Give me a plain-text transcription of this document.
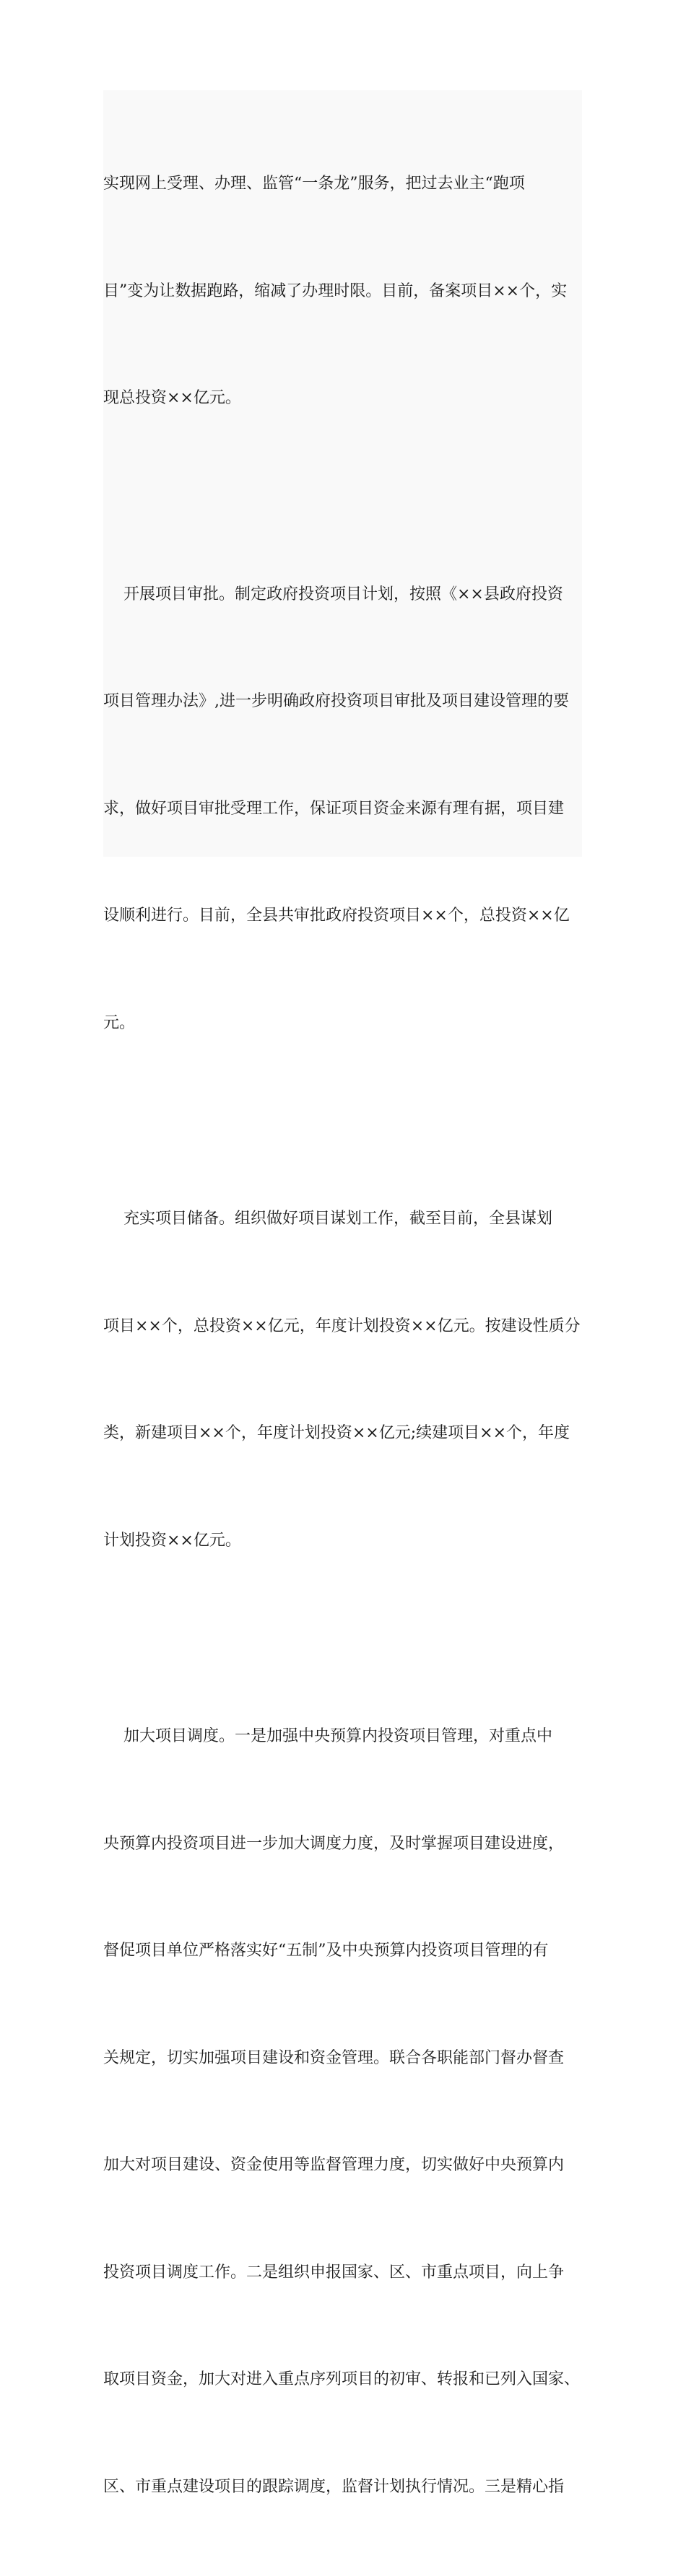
实现网上受理、办理、监管“一条龙”服务，把过去业主“跑项

目”变为让数据跑路，缩减了办理时限。目前，备案项目××个，实

现总投资××亿元。

开展项目审批。制定政府投资项目计划，按照《××县政府投资

项目管理办法》,进一步明确政府投资项目审批及项目建设管理的要

求，做好项目审批受理工作，保证项目资金来源有理有据，项目建

设顺利进行。目前，全县共审批政府投资项目××个，总投资××亿

元。

充实项目储备。组织做好项目谋划工作，截至目前，全县谋划

项目××个，总投资××亿元，年度计划投资××亿元。按建设性质分

类，新建项目××个，年度计划投资××亿元;续建项目××个，年度

计划投资××亿元。

加大项目调度。一是加强中央预算内投资项目管理，对重点中

央预算内投资项目进一步加大调度力度，及时掌握项目建设进度，

督促项目单位严格落实好“五制”及中央预算内投资项目管理的有

关规定，切实加强项目建设和资金管理。联合各职能部门督办督查

加大对项目建设、资金使用等监督管理力度，切实做好中央预算内

投资项目调度工作。二是组织申报国家、区、市重点项目，向上争

取项目资金，加大对进入重点序列项目的初审、转报和已列入国家、

区、市重点建设项目的跟踪调度，监督计划执行情况。三是精心指
